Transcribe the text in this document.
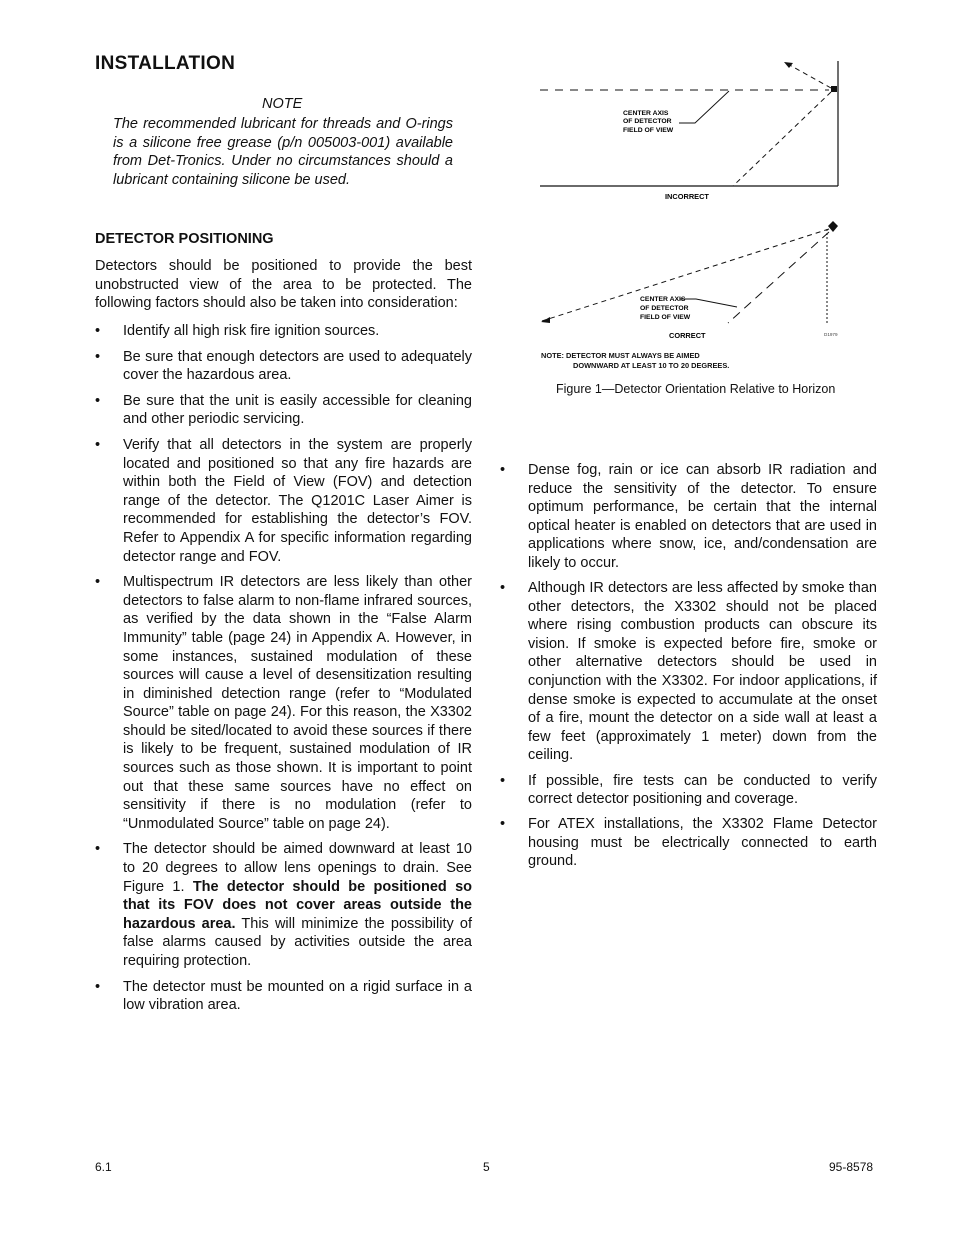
INSTALLATION
NOTE
The recommended lubricant for threads and O-rings is a silicone free grease (p/n 005003-001) available from Det-Tronics. Under no circumstances should a lubricant containing silicone be used.
DETECTOR POSITIONING
Detectors should be positioned to provide the best unobstructed view of the area to be protected. The following factors should also be taken into consideration:
• Identify all high risk fire ignition sources.
• Be sure that enough detectors are used to adequately cover the hazardous area.
• Be sure that the unit is easily accessible for cleaning and other periodic servicing.
• Verify that all detectors in the system are properly located and positioned so that any fire hazards are within both the Field of View (FOV) and detection range of the detector. The Q1201C Laser Aimer is recommended for establishing the detector’s FOV. Refer to Appendix A for specific information regarding detector range and FOV.
• Multispectrum IR detectors are less likely than other detectors to false alarm to non-flame infrared sources, as verified by the data shown in the “False Alarm Immunity” table (page 24) in Appendix A. However, in some instances, sustained modulation of these sources will cause a level of desensitization resulting in diminished detection range (refer to “Modulated Source” table on page 24). For this reason, the X3302 should be sited/located to avoid these sources if there is likely to be frequent, sustained modulation of IR sources such as those shown. It is important to point out that these same sources have no effect on sensitivity if there is no modulation (refer to “Unmodulated Source” table on page 24).
• The detector should be aimed downward at least 10 to 20 degrees to allow lens openings to drain. See Figure 1. The detector should be positioned so that its FOV does not cover areas outside the hazardous area. This will minimize the possibility of false alarms caused by activities outside the area requiring protection.
• The detector must be mounted on a rigid surface in a low vibration area.
CENTER AXIS
OF DETECTOR
FIELD OF VIEW
INCORRECT
CENTER AXIS
OF DETECTOR
FIELD OF VIEW
CORRECT	D1979
NOTE: DETECTOR MUST ALWAYS BE AIMED
DOWNWARD AT LEAST 10 TO 20 DEGREES.
Figure 1—Detector Orientation Relative to Horizon
• Dense fog, rain or ice can absorb IR radiation and reduce the sensitivity of the detector. To ensure optimum performance, be certain that the internal optical heater is enabled on detectors that are used in applications where snow, ice, and/condensation are likely to occur.
• Although IR detectors are less affected by smoke than other detectors, the X3302 should not be placed where rising combustion products can obscure its vision. If smoke is expected before fire, smoke or other alternative detectors should be used in conjunction with the X3302. For indoor applications, if dense smoke is expected to accumulate at the onset of a fire, mount the detector on a side wall at least a few feet (approximately 1 meter) down from the ceiling.
• If possible, fire tests can be conducted to verify correct detector positioning and coverage.
• For ATEX installations, the X3302 Flame Detector housing must be electrically connected to earth ground.
6.1	5	95-8578
